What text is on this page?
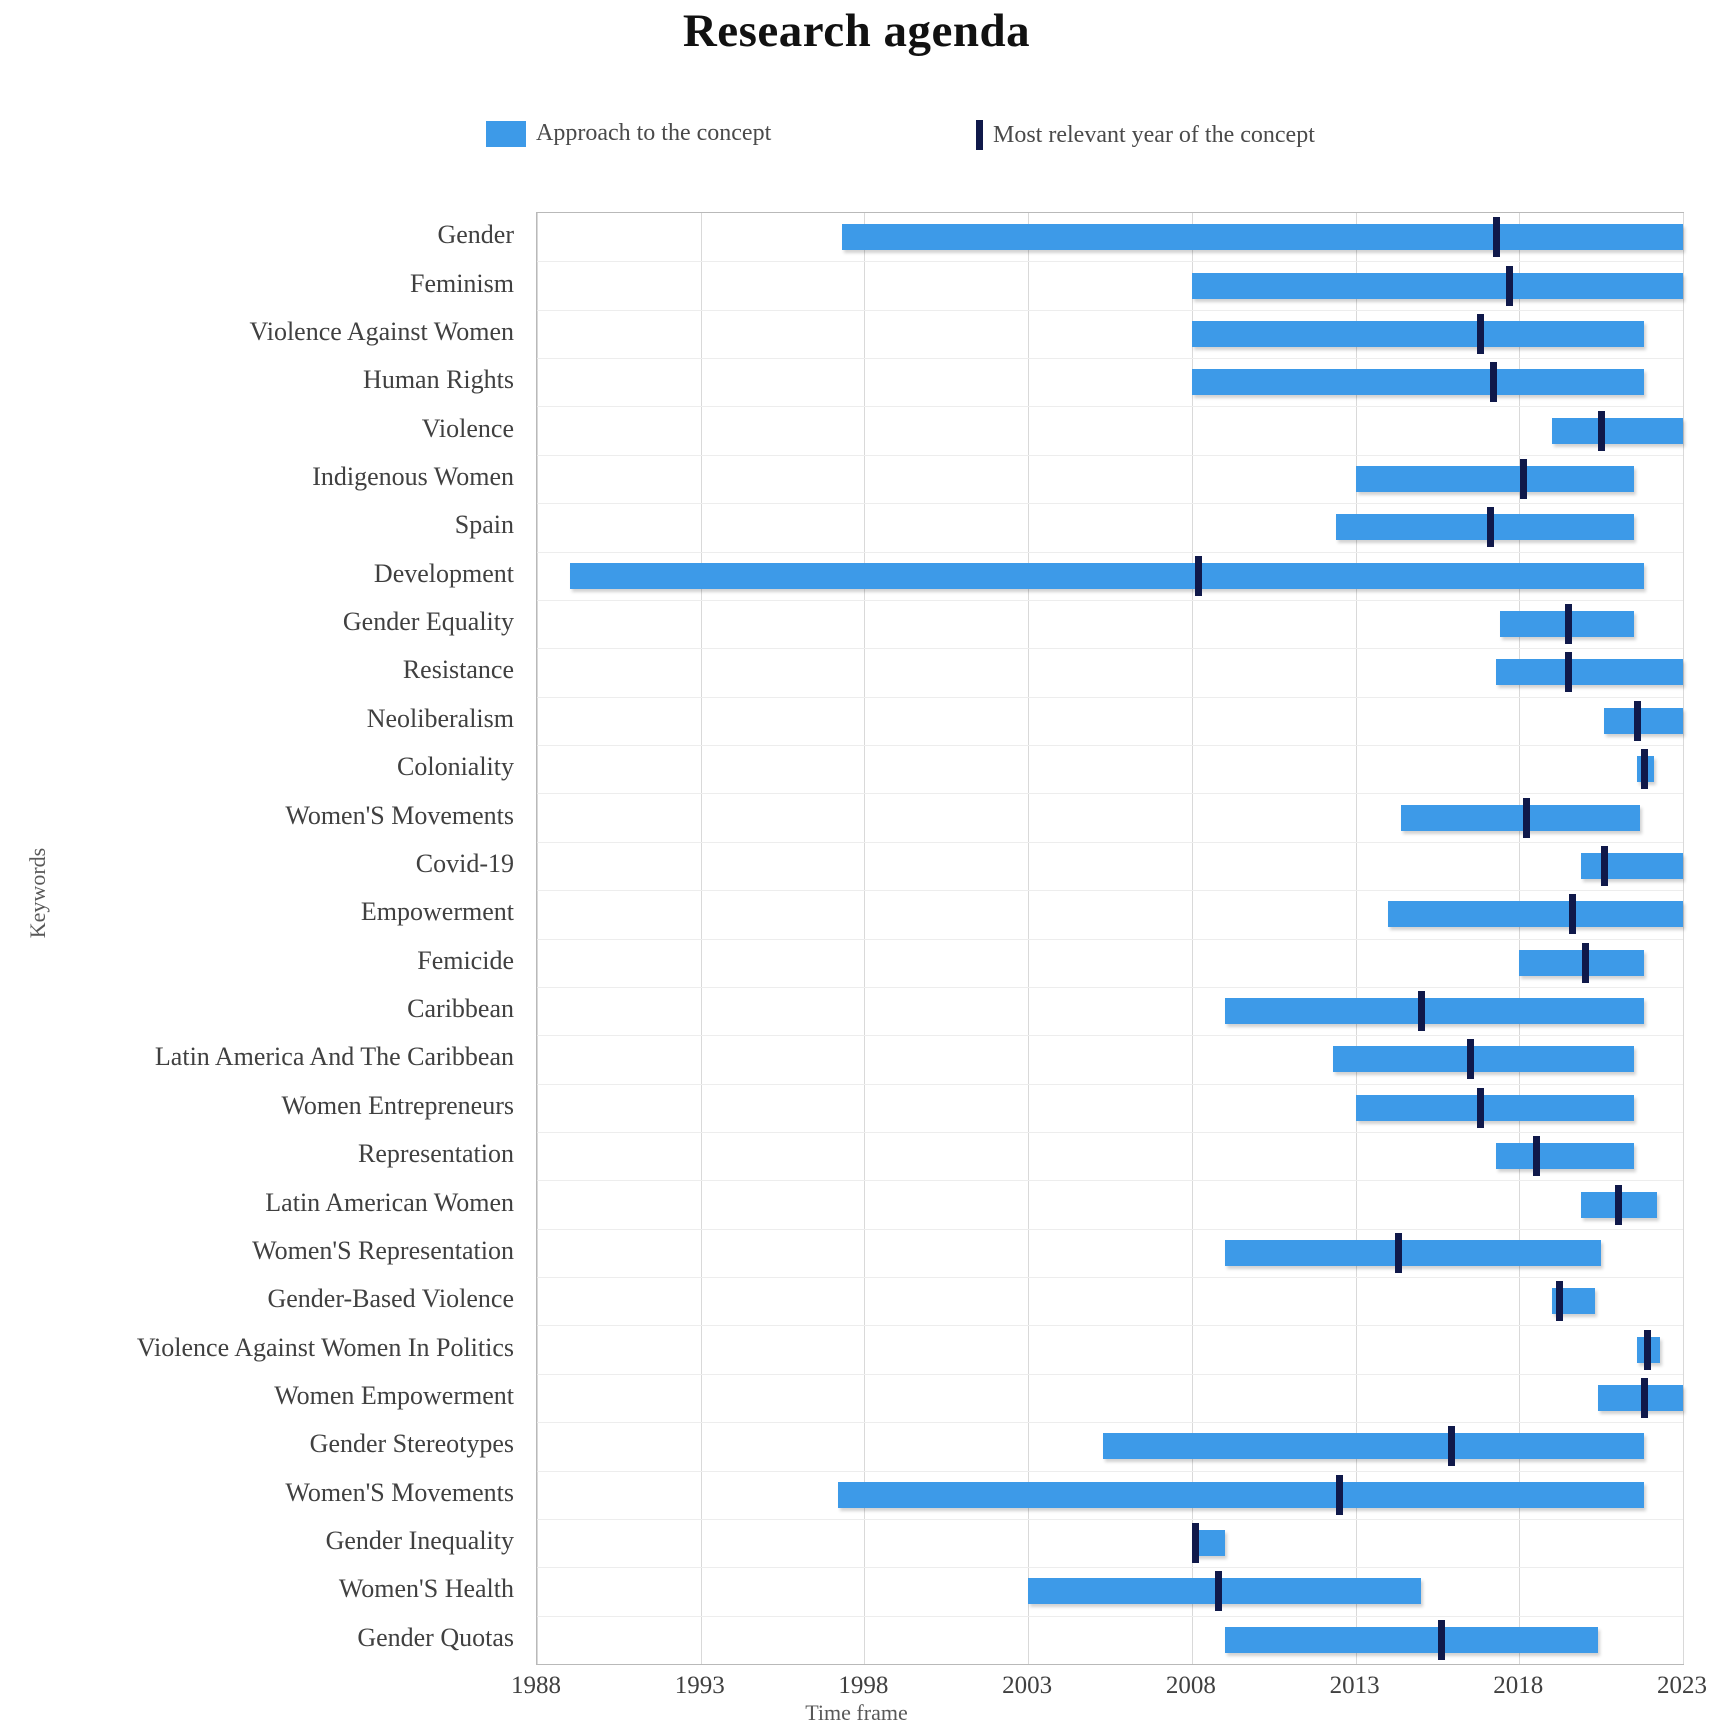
Research agenda
Approach to the concept	Most relevant year of the concept
Gender
Feminism
Violence Against Women
Human Rights
Violence
Indigenous Women
Spain
Development
Gender Equality
Resistance
Neoliberalism
Coloniality
Women'S Movements
Covid-19
Empowerment
Femicide
Caribbean
Latin America And The Caribbean
Women Entrepreneurs
Representation
Latin American Women
Women'S Representation
Gender-Based Violence
Violence Against Women In Politics
Women Empowerment
Gender Stereotypes
Women'S Movements
Gender Inequality
Women'S Health
Gender Quotas
1988	1993	1998	2003	2008	2013	2018	2023
Time frame
Keywords
